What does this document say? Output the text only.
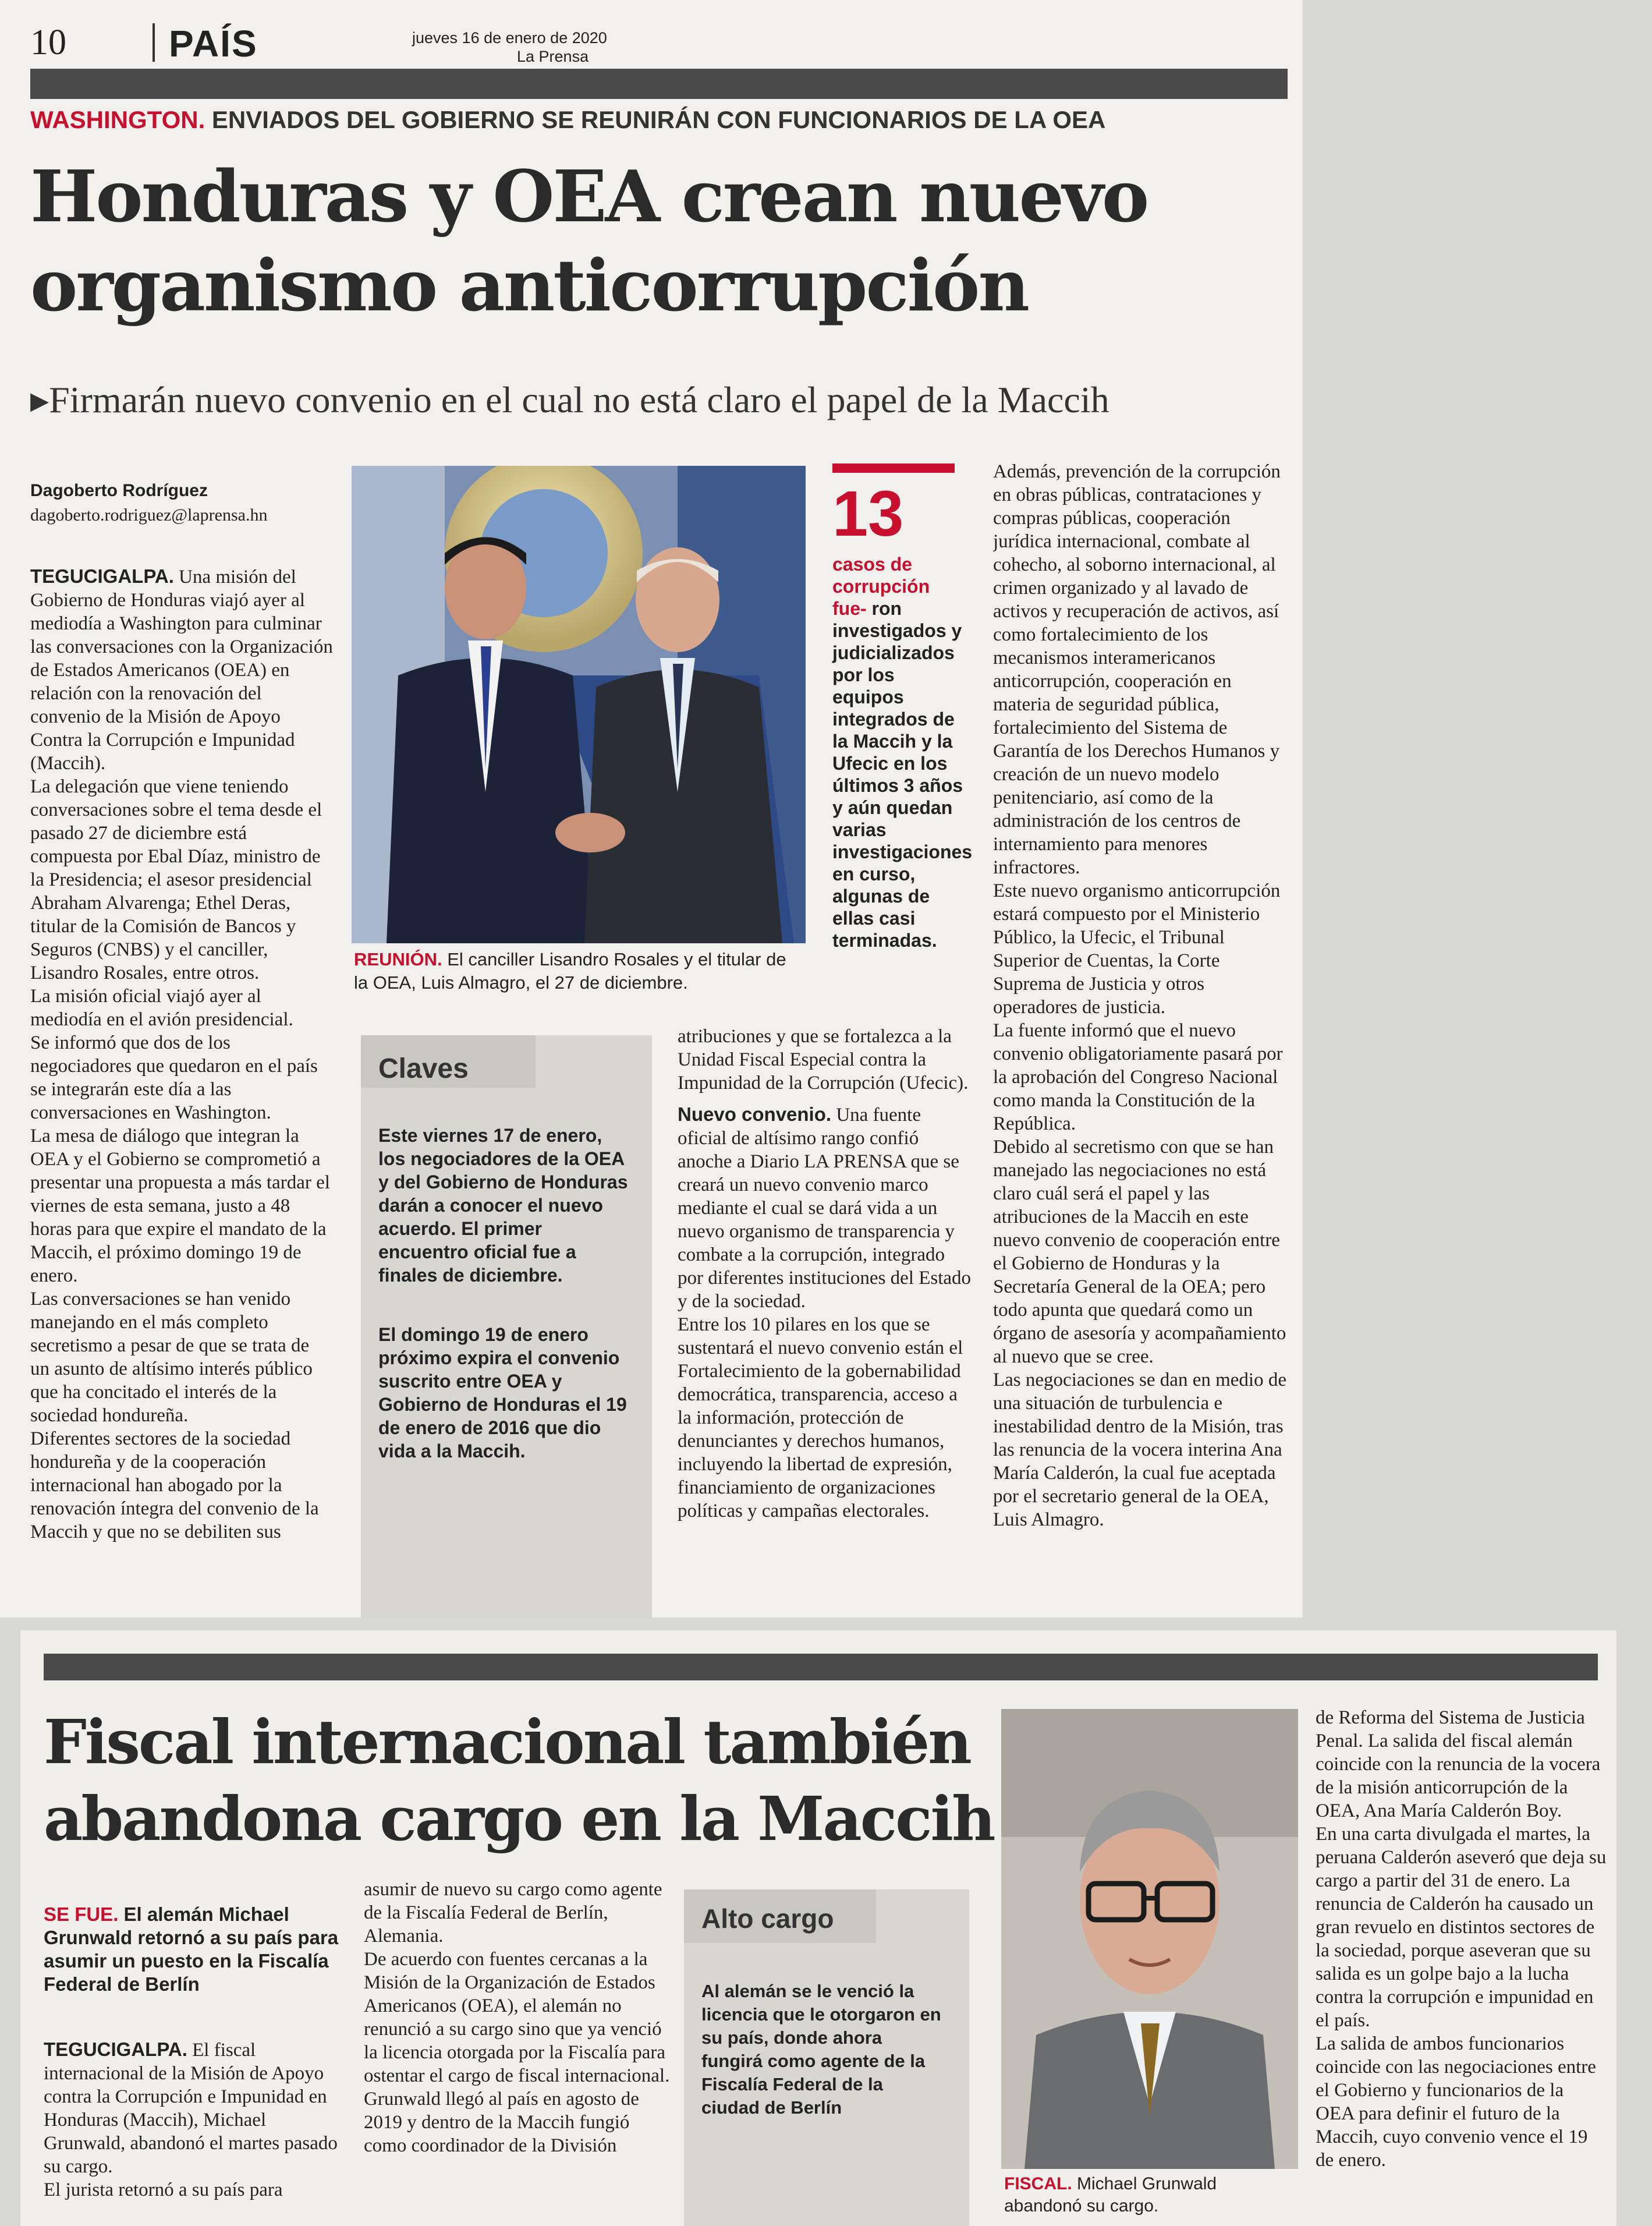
10	PAÍS	jueves 16 de enero de 2020
La Prensa
WASHINGTON. ENVIADOS DEL GOBIERNO SE REUNIRÁN CON FUNCIONARIOS DE LA OEA
Honduras y OEA crean nuevo
organismo anticorrupción
▸Firmarán nuevo convenio en el cual no está claro el papel de la Maccih
Dagoberto Rodríguez
dagoberto.rodriguez@laprensa.hn

TEGUCIGALPA. Una misión del Gobierno de Honduras viajó ayer al mediodía a Washington para culminar las conversaciones con la Organización de Estados Americanos (OEA) en relación con la renovación del convenio de la Misión de Apoyo Contra la Corrupción e Impunidad (Maccih).

La delegación que viene teniendo conversaciones sobre el tema desde el pasado 27 de diciembre está compuesta por Ebal Díaz, ministro de la Presidencia; el asesor presidencial Abraham Alvarenga; Ethel Deras, titular de la Comisión de Bancos y Seguros (CNBS) y el canciller, Lisandro Rosales, entre otros.

La misión oficial viajó ayer al mediodía en el avión presidencial.

Se informó que dos de los negociadores que quedaron en el país se integrarán este día a las conversaciones en Washington.

La mesa de diálogo que integran la OEA y el Gobierno se comprometió a presentar una propuesta a más tardar el viernes de esta semana, justo a 48 horas para que expire el mandato de la Maccih, el próximo domingo 19 de enero.

Las conversaciones se han venido manejando en el más completo secretismo a pesar de que se trata de un asunto de altísimo interés público que ha concitado el interés de la sociedad hondureña.

Diferentes sectores de la sociedad hondureña y de la cooperación internacional han abogado por la renovación íntegra del convenio de la Maccih y que no se debiliten sus

REUNIÓN. El canciller Lisandro Rosales y el titular de la OEA, Luis Almagro, el 27 de diciembre.
13
casos de corrupción fue- ron investigados y judicializados por los equipos integrados de la Maccih y la Ufecic en los últimos 3 años y aún quedan varias investigaciones en curso, algunas de ellas casi terminadas.
Claves
Este viernes 17 de enero, los negociadores de la OEA y del Gobierno de Honduras darán a conocer el nuevo acuerdo. El primer encuentro oficial fue a finales de diciembre.
El domingo 19 de enero próximo expira el convenio suscrito entre OEA y Gobierno de Honduras el 19 de enero de 2016 que dio vida a la Maccih.

atribuciones y que se fortalezca a la Unidad Fiscal Especial contra la Impunidad de la Corrupción (Ufecic).

Nuevo convenio. Una fuente oficial de altísimo rango confió anoche a Diario LA PRENSA que se creará un nuevo convenio marco mediante el cual se dará vida a un nuevo organismo de transparencia y combate a la corrupción, integrado por diferentes instituciones del Estado y de la sociedad.

Entre los 10 pilares en los que se sustentará el nuevo convenio están el Fortalecimiento de la gobernabilidad democrática, transparencia, acceso a la información, protección de denunciantes y derechos humanos, incluyendo la libertad de expresión, financiamiento de organizaciones políticas y campañas electorales.

Además, prevención de la corrupción en obras públicas, contrataciones y compras públicas, cooperación jurídica internacional, combate al cohecho, al soborno internacional, al crimen organizado y al lavado de activos y recuperación de activos, así como fortalecimiento de los mecanismos interamericanos anticorrupción, cooperación en materia de seguridad pública, fortalecimiento del Sistema de Garantía de los Derechos Humanos y creación de un nuevo modelo penitenciario, así como de la administración de los centros de internamiento para menores infractores.

Este nuevo organismo anticorrupción estará compuesto por el Ministerio Público, la Ufecic, el Tribunal Superior de Cuentas, la Corte Suprema de Justicia y otros operadores de justicia.

La fuente informó que el nuevo convenio obligatoriamente pasará por la aprobación del Congreso Nacional como manda la Constitución de la República.

Debido al secretismo con que se han manejado las negociaciones no está claro cuál será el papel y las atribuciones de la Maccih en este nuevo convenio de cooperación entre el Gobierno de Honduras y la Secretaría General de la OEA; pero todo apunta que quedará como un órgano de asesoría y acompañamiento al nuevo que se cree.

Las negociaciones se dan en medio de una situación de turbulencia e inestabilidad dentro de la Misión, tras las renuncia de la vocera interina Ana María Calderón, la cual fue aceptada por el secretario general de la OEA, Luis Almagro.

Fiscal internacional también
abandona cargo en la Maccih
SE FUE. El alemán Michael Grunwald retornó a su país para asumir un puesto en la Fiscalía Federal de Berlín

TEGUCIGALPA. El fiscal internacional de la Misión de Apoyo contra la Corrupción e Impunidad en Honduras (Maccih), Michael Grunwald, abandonó el martes pasado su cargo.

El jurista retornó a su país para

asumir de nuevo su cargo como agente de la Fiscalía Federal de Berlín, Alemania.

De acuerdo con fuentes cercanas a la Misión de la Organización de Estados Americanos (OEA), el alemán no renunció a su cargo sino que ya venció la licencia otorgada por la Fiscalía para ostentar el cargo de fiscal internacional.

Grunwald llegó al país en agosto de 2019 y dentro de la Maccih fungió como coordinador de la División

Alto cargo
Al alemán se le venció la licencia que le otorgaron en su país, donde ahora fungirá como agente de la Fiscalía Federal de la ciudad de Berlín
FISCAL. Michael Grunwald abandonó su cargo.

de Reforma del Sistema de Justicia Penal. La salida del fiscal alemán coincide con la renuncia de la vocera de la misión anticorrupción de la OEA, Ana María Calderón Boy.

En una carta divulgada el martes, la peruana Calderón aseveró que deja su cargo a partir del 31 de enero. La renuncia de Calderón ha causado un gran revuelo en distintos sectores de la sociedad, porque aseveran que su salida es un golpe bajo a la lucha contra la corrupción e impunidad en el país.

La salida de ambos funcionarios coincide con las negociaciones entre el Gobierno y funcionarios de la OEA para definir el futuro de la Maccih, cuyo convenio vence el 19 de enero.
